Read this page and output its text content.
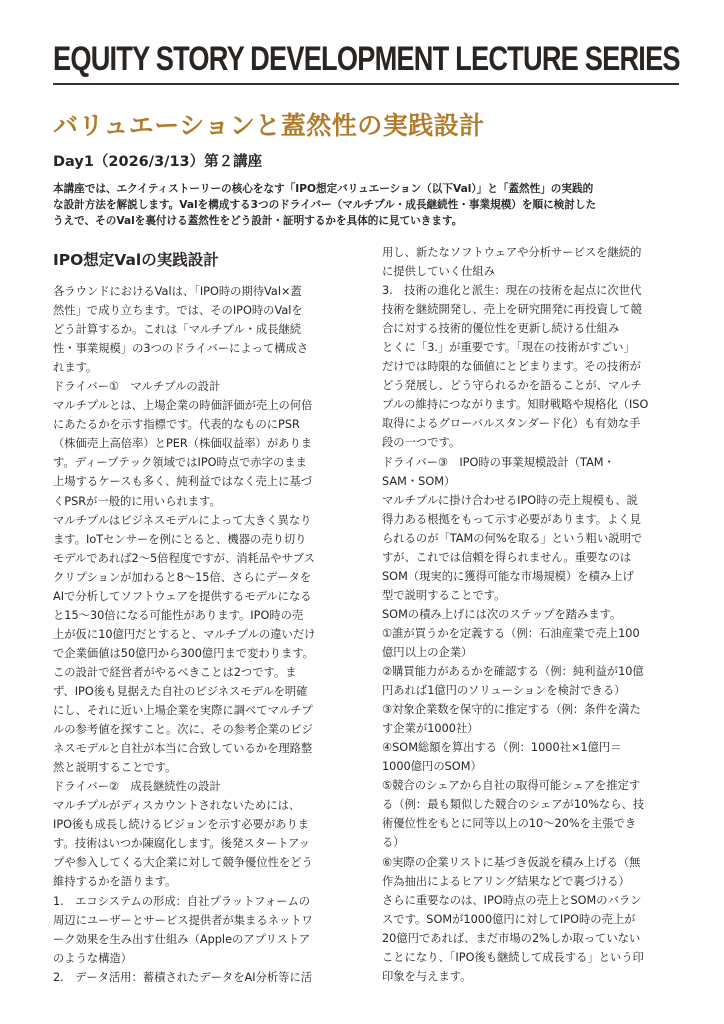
EQUITY STORY DEVELOPMENT LECTURE SERIES
バリュエーションと蓋然性の実践設計
Day1（2026/3/13）第２講座
本講座では、エクイティストーリーの核心をなす「IPO想定バリュエーション（以下Val）」と「蓋然性」の実践的
な設計方法を解説します。Valを構成する3つのドライバー（マルチプル・成長継続性・事業規模）を順に検討した
うえで、そのValを裏付ける蓋然性をどう設計・証明するかを具体的に見ていきます。
IPO想定Valの実践設計
各ラウンドにおけるValは、「IPO時の期待Val×蓋
然性」で成り立ちます。では、そのIPO時のValを
どう計算するか。これは「マルチプル・成長継続
性・事業規模」の3つのドライバーによって構成さ
れます。
ドライバー①　マルチプルの設計
マルチプルとは、上場企業の時価評価が売上の何倍
にあたるかを示す指標です。代表的なものにPSR
（株価売上高倍率）とPER（株価収益率）がありま
す。ディープテック領域ではIPO時点で赤字のまま
上場するケースも多く、純利益ではなく売上に基づ
くPSRが一般的に用いられます。
マルチプルはビジネスモデルによって大きく異なり
ます。IoTセンサーを例にとると、機器の売り切り
モデルであれば2〜5倍程度ですが、消耗品やサブス
クリプションが加わると8〜15倍、さらにデータを
AIで分析してソフトウェアを提供するモデルになる
と15〜30倍になる可能性があります。IPO時の売
上が仮に10億円だとすると、マルチプルの違いだけ
で企業価値は50億円から300億円まで変わります。
この設計で経営者がやるべきことは2つです。ま
ず、IPO後も見据えた自社のビジネスモデルを明確
にし、それに近い上場企業を実際に調べてマルチプ
ルの参考値を探すこと。次に、その参考企業のビジ
ネスモデルと自社が本当に合致しているかを理路整
然と説明することです。
ドライバー②　成長継続性の設計
マルチプルがディスカウントされないためには、
IPO後も成長し続けるビジョンを示す必要がありま
す。技術はいつか陳腐化します。後発スタートアッ
プや参入してくる大企業に対して競争優位性をどう
維持するかを語ります。
1.　エコシステムの形成：自社プラットフォームの
周辺にユーザーとサービス提供者が集まるネットワ
ーク効果を生み出す仕組み（Appleのアプリストア
のような構造）
2.　データ活用：蓄積されたデータをAI分析等に活
用し、新たなソフトウェアや分析サービスを継続的
に提供していく仕組み
3.　技術の進化と派生：現在の技術を起点に次世代
技術を継続開発し、売上を研究開発に再投資して競
合に対する技術的優位性を更新し続ける仕組み
とくに「3.」が重要です。「現在の技術がすごい」
だけでは時限的な価値にとどまります。その技術が
どう発展し、どう守られるかを語ることが、マルチ
プルの維持につながります。知財戦略や規格化（ISO
取得によるグローバルスタンダード化）も有効な手
段の一つです。
ドライバー③　IPO時の事業規模設計（TAM・
SAM・SOM）
マルチプルに掛け合わせるIPO時の売上規模も、説
得力ある根拠をもって示す必要があります。よく見
られるのが「TAMの何%を取る」という粗い説明で
すが、これでは信頼を得られません。重要なのは
SOM（現実的に獲得可能な市場規模）を積み上げ
型で説明することです。
SOMの積み上げには次のステップを踏みます。
①誰が買うかを定義する（例：石油産業で売上100
億円以上の企業）
②購買能力があるかを確認する（例：純利益が10億
円あれば1億円のソリューションを検討できる）
③対象企業数を保守的に推定する（例：条件を満た
す企業が1000社）
④SOM総額を算出する（例：1000社×1億円＝
1000億円のSOM）
⑤競合のシェアから自社の取得可能シェアを推定す
る（例：最も類似した競合のシェアが10%なら、技
術優位性をもとに同等以上の10〜20%を主張でき
る）
⑥実際の企業リストに基づき仮説を積み上げる（無
作為抽出によるヒアリング結果などで裏づける）
さらに重要なのは、IPO時点の売上とSOMのバラン
スです。SOMが1000億円に対してIPO時の売上が
20億円であれば、まだ市場の2%しか取っていない
ことになり、「IPO後も継続して成長する」という印
印象を与えます。
